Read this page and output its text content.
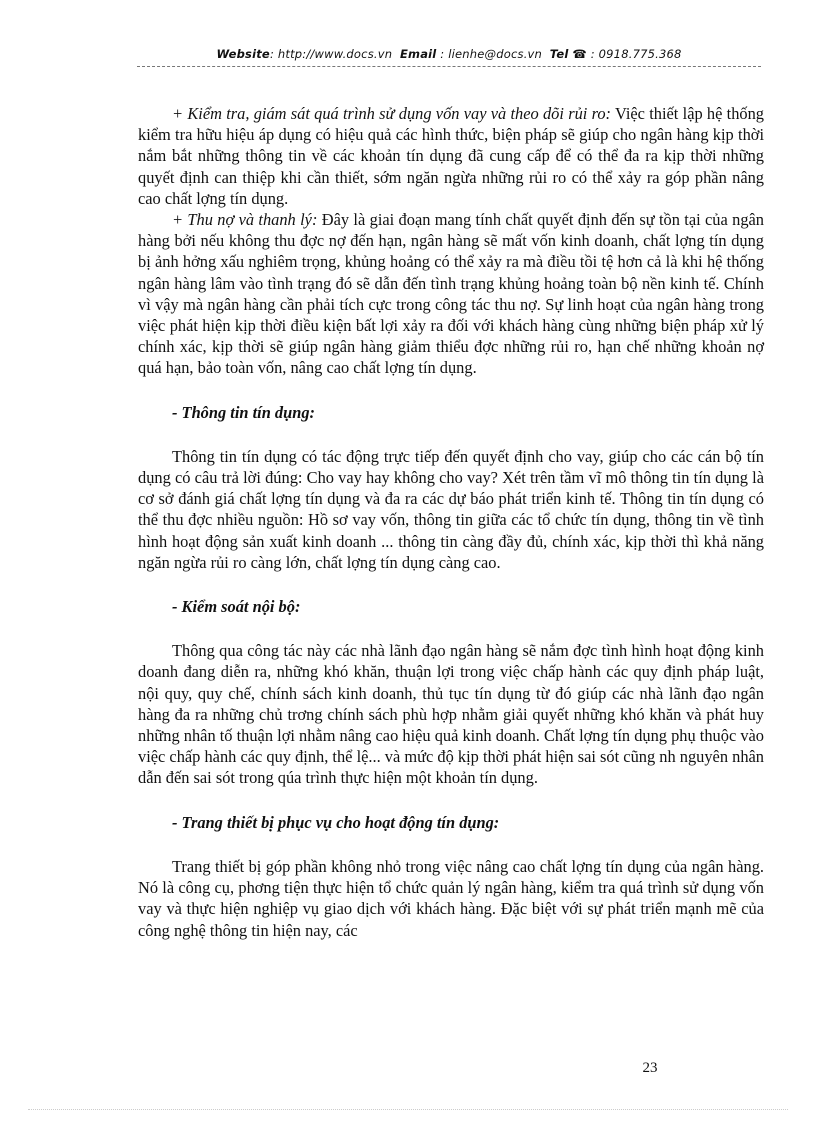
Website: http://www.docs.vn Email : lienhe@docs.vn Tel ☎ : 0918.775.368

+ Kiểm tra, giám sát quá trình sử dụng vốn vay và theo dõi rủi ro: Việc thiết lập hệ thống kiểm tra hữu hiệu áp dụng có hiệu quả các hình thức, biện pháp sẽ giúp cho ngân hàng kịp thời nắm bắt những thông tin về các khoản tín dụng đã cung cấp để có thể đa ra kịp thời những quyết định can thiệp khi cần thiết, sớm ngăn ngừa những rủi ro có thể xảy ra góp phần nâng cao chất lợng tín dụng.

+ Thu nợ và thanh lý: Đây là giai đoạn mang tính chất quyết định đến sự tồn tại của ngân hàng bởi nếu không thu đợc nợ đến hạn, ngân hàng sẽ mất vốn kinh doanh, chất lợng tín dụng bị ảnh hởng xấu nghiêm trọng, khủng hoảng có thể xảy ra mà điều tồi tệ hơn cả là khi hệ thống ngân hàng lâm vào tình trạng đó sẽ dẫn đến tình trạng khủng hoảng toàn bộ nền kinh tế. Chính vì vậy mà ngân hàng cần phải tích cực trong công tác thu nợ. Sự linh hoạt của ngân hàng trong việc phát hiện kịp thời điều kiện bất lợi xảy ra đối với khách hàng cùng những biện pháp xử lý chính xác, kịp thời sẽ giúp ngân hàng giảm thiểu đợc những rủi ro, hạn chế những khoản nợ quá hạn, bảo toàn vốn, nâng cao chất lợng tín dụng.

- Thông tin tín dụng:

Thông tin tín dụng có tác động trực tiếp đến quyết định cho vay, giúp cho các cán bộ tín dụng có câu trả lời đúng: Cho vay hay không cho vay? Xét trên tầm vĩ mô thông tin tín dụng là cơ sở đánh giá chất lợng tín dụng và đa ra các dự báo phát triển kinh tế. Thông tin tín dụng có thể thu đợc nhiều nguồn: Hồ sơ vay vốn, thông tin giữa các tổ chức tín dụng, thông tin về tình hình hoạt động sản xuất kinh doanh ... thông tin càng đầy đủ, chính xác, kịp thời thì khả năng ngăn ngừa rủi ro càng lớn, chất lợng tín dụng càng cao.

- Kiểm soát nội bộ:

Thông qua công tác này các nhà lãnh đạo ngân hàng sẽ nắm đợc tình hình hoạt động kinh doanh đang diễn ra, những khó khăn, thuận lợi trong việc chấp hành các quy định pháp luật, nội quy, quy chế, chính sách kinh doanh, thủ tục tín dụng từ đó giúp các nhà lãnh đạo ngân hàng đa ra những chủ trơng chính sách phù hợp nhằm giải quyết những khó khăn và phát huy những nhân tố thuận lợi nhằm nâng cao hiệu quả kinh doanh. Chất lợng tín dụng phụ thuộc vào việc chấp hành các quy định, thể lệ... và mức độ kịp thời phát hiện sai sót cũng nh nguyên nhân dẫn đến sai sót trong qúa trình thực hiện một khoản tín dụng.

- Trang thiết bị phục vụ cho hoạt động tín dụng:

Trang thiết bị góp phần không nhỏ trong việc nâng cao chất lợng tín dụng của ngân hàng. Nó là công cụ, phơng tiện thực hiện tổ chức quản lý ngân hàng, kiểm tra quá trình sử dụng vốn vay và thực hiện nghiệp vụ giao dịch với khách hàng. Đặc biệt với sự phát triển mạnh mẽ của công nghệ thông tin hiện nay, các

23
